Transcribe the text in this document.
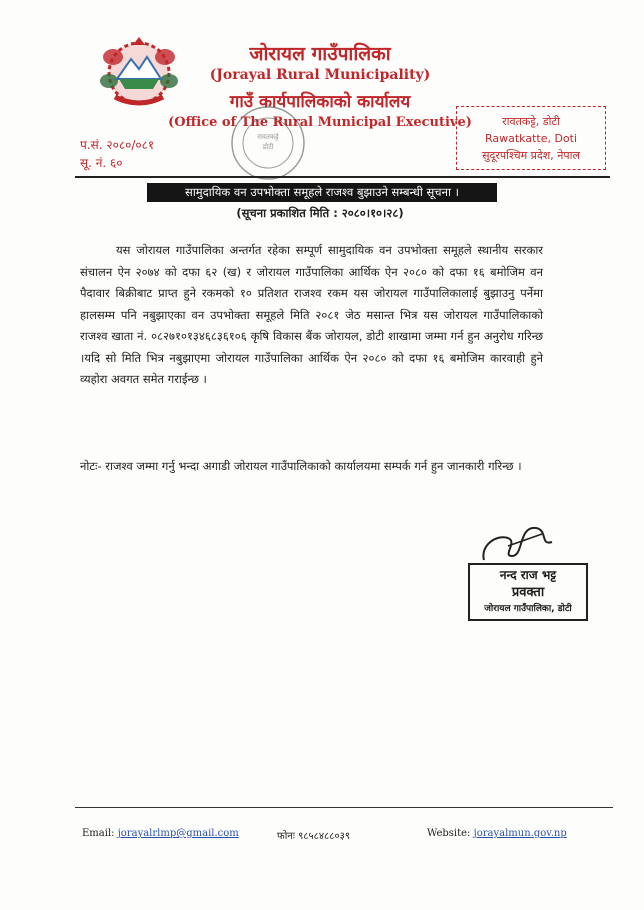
जोरायल गाउँपालिका
(Jorayal Rural Municipality)
गाउँ कार्यपालिकाको कार्यालय
(Office of The Rural Municipal Executive)
प.सं. २०८०/०८१
सू. नं. ६०
रावतकट्टे, डोटी
Rawatkatte, Doti
सुदूरपश्चिम प्रदेश, नेपाल
रावतकट्टे
डोटी
सामुदायिक वन उपभोक्ता समूहले राजश्व बुझाउने सम्बन्धी सूचना ।
(सूचना प्रकाशित मिति : २०८०।१०।२८)
यस जोरायल गाउँपालिका अन्तर्गत रहेका सम्पूर्ण सामुदायिक वन उपभोक्ता समूहले स्थानीय सरकार संचालन ऐन २०७४ को दफा ६२ (ख) र जोरायल गाउँपालिका आर्थिक ऐन २०८० को दफा १६ बमोजिम वन पैदावार बिक्रीबाट प्राप्त हुने रकमको १० प्रतिशत राजश्व रकम यस जोरायल गाउँपालिकालाई बुझाउनु पर्नेमा हालसम्म पनि नबुझाएका वन उपभोक्ता समूहले मिति २०८१ जेठ मसान्त भित्र यस जोरायल गाउँपालिकाको राजश्व खाता नं. ०८२७१०१३४६८३६१०६ कृषि विकास बैंक जोरायल, डोटी शाखामा जम्मा गर्न हुन अनुरोध गरिन्छ ।यदि सो मिति भित्र नबुझाएमा जोरायल गाउँपालिका आर्थिक ऐन २०८० को दफा १६ बमोजिम कारवाही हुने व्यहोरा अवगत समेत गराईन्छ ।
नोटः- राजश्व जम्मा गर्नु भन्दा अगाडी जोरायल गाउँपालिकाको कार्यालयमा सम्पर्क गर्न हुन जानकारी गरिन्छ ।
नन्द राज भट्ट
प्रवक्ता
जोरायल गाउँपालिका, डोटी
Email: jorayalrlmp@gmail.com	फोनः ९८५८४८८०३९	Website: jorayalmun.gov.np
